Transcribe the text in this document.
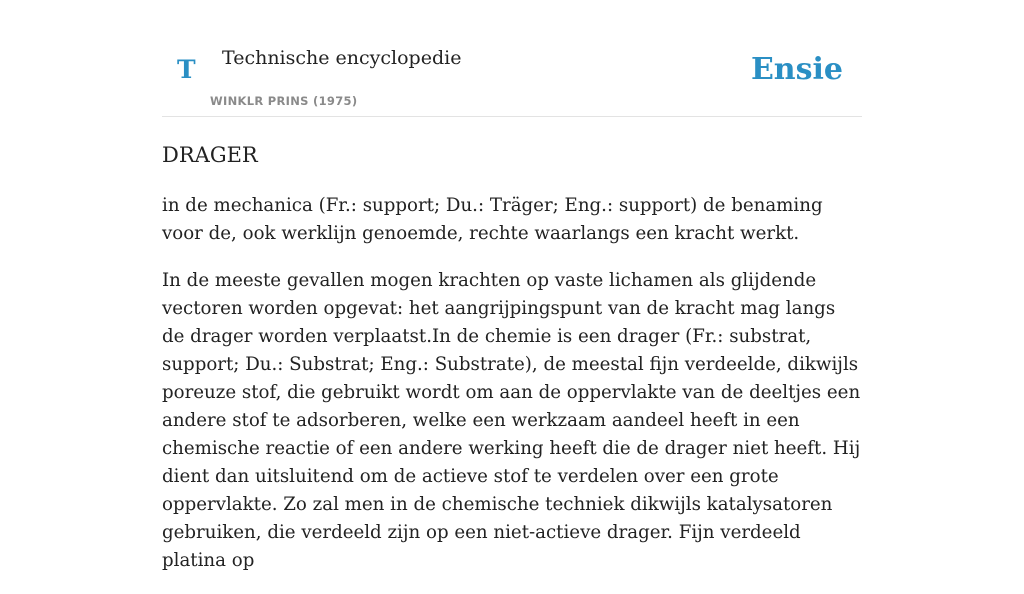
T Technische encyclopedie
WINKLR PRINS (1975)
Ensie
DRAGER

in de mechanica (Fr.: support; Du.: Träger; Eng.: support) de benaming voor de, ook werklijn genoemde, rechte waarlangs een kracht werkt.

In de meeste gevallen mogen krachten op vaste lichamen als glijdende vectoren worden opgevat: het aangrijpingspunt van de kracht mag langs de drager worden verplaatst.In de chemie is een drager (Fr.: substrat, support; Du.: Substrat; Eng.: Substrate), de meestal fijn verdeelde, dikwijls poreuze stof, die gebruikt wordt om aan de oppervlakte van de deeltjes een andere stof te adsorberen, welke een werkzaam aandeel heeft in een chemische reactie of een andere werking heeft die de drager niet heeft. Hij dient dan uitsluitend om de actieve stof te verdelen over een grote oppervlakte. Zo zal men in de chemische techniek dikwijls katalysatoren gebruiken, die verdeeld zijn op een niet-actieve drager. Fijn verdeeld platina op
